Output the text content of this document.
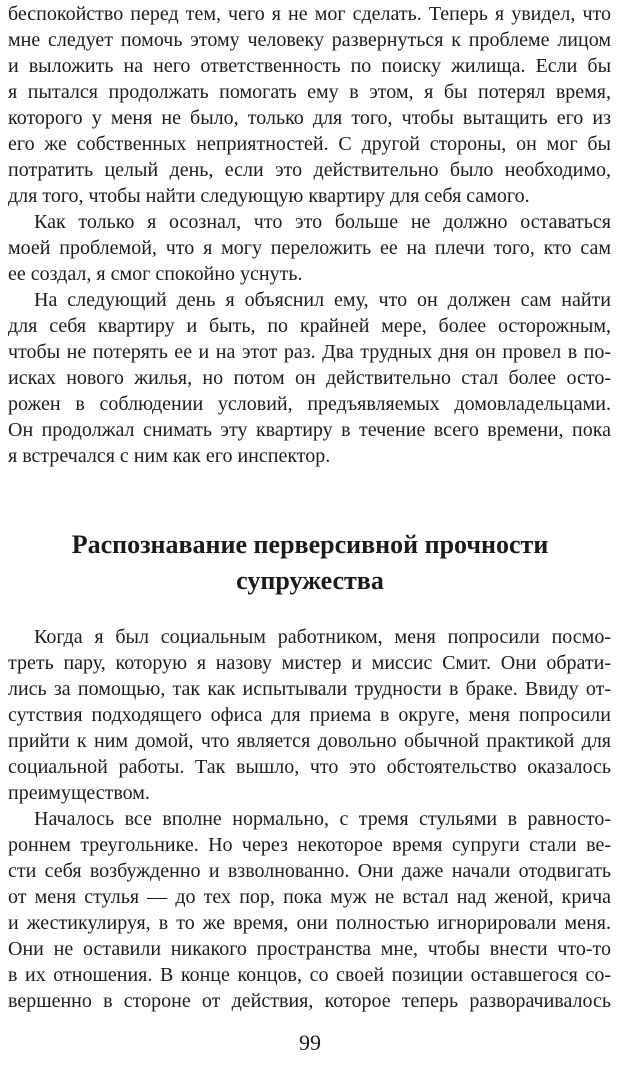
беспокойство перед тем, чего я не мог сделать. Теперь я увидел, что
мне следует помочь этому человеку развернуться к проблеме лицом
и выложить на него ответственность по поиску жилища. Если бы
я пытался продолжать помогать ему в этом, я бы потерял время,
которого у меня не было, только для того, чтобы вытащить его из
его же собственных неприятностей. С другой стороны, он мог бы
потратить целый день, если это действительно было необходимо,
для того, чтобы найти следующую квартиру для себя самого.
Как только я осознал, что это больше не должно оставаться
моей проблемой, что я могу переложить ее на плечи того, кто сам
ее создал, я смог спокойно уснуть.
На следующий день я объяснил ему, что он должен сам найти
для себя квартиру и быть, по крайней мере, более осторожным,
чтобы не потерять ее и на этот раз. Два трудных дня он провел в по-
исках нового жилья, но потом он действительно стал более осто-
рожен в соблюдении условий, предъявляемых домовладельцами.
Он продолжал снимать эту квартиру в течение всего времени, пока
я встречался с ним как его инспектор.
Распознавание перверсивной прочности
супружества
Когда я был социальным работником, меня попросили посмо-
треть пару, которую я назову мистер и миссис Смит. Они обрати-
лись за помощью, так как испытывали трудности в браке. Ввиду от-
сутствия подходящего офиса для приема в округе, меня попросили
прийти к ним домой, что является довольно обычной практикой для
социальной работы. Так вышло, что это обстоятельство оказалось
преимуществом.
Началось все вполне нормально, с тремя стульями в равносто-
роннем треугольнике. Но через некоторое время супруги стали ве-
сти себя возбужденно и взволнованно. Они даже начали отодвигать
от меня стулья — до тех пор, пока муж не встал над женой, крича
и жестикулируя, в то же время, они полностью игнорировали меня.
Они не оставили никакого пространства мне, чтобы внести что-то
в их отношения. В конце концов, со своей позиции оставшегося со-
вершенно в стороне от действия, которое теперь разворачивалось
99
